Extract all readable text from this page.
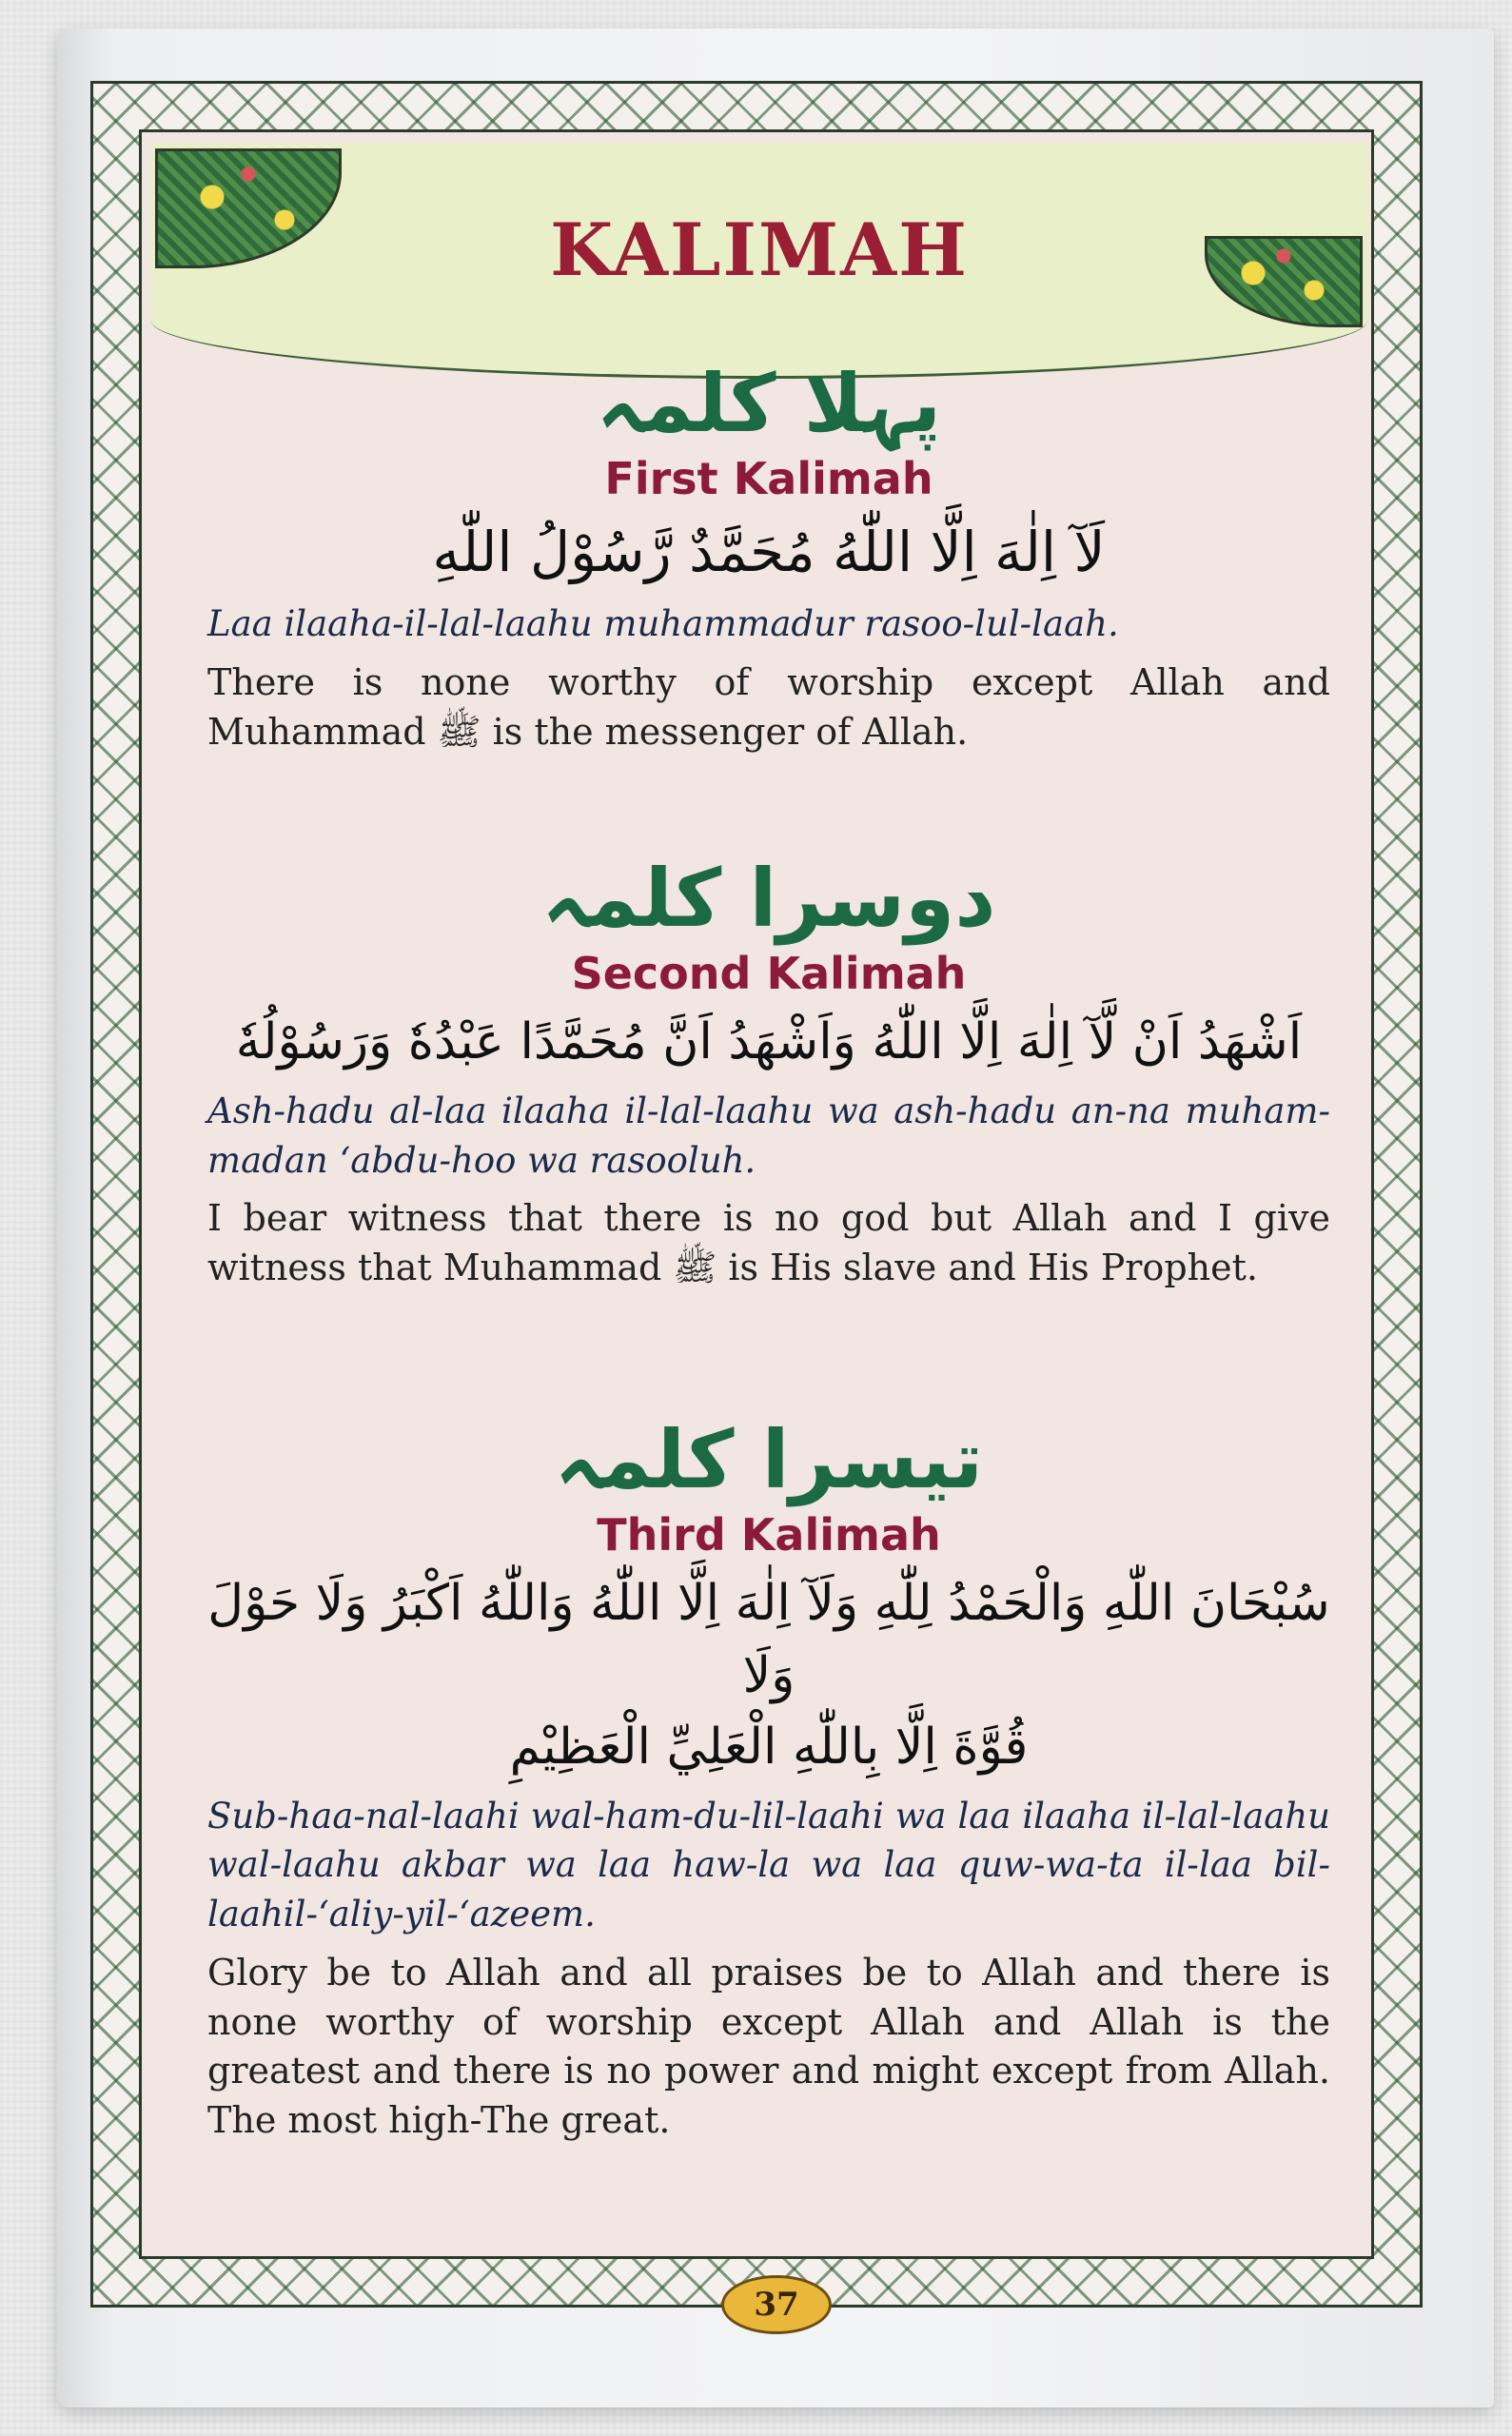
KALIMAH

پہلا کلمہ

First Kalimah

لَآ اِلٰهَ اِلَّا اللّٰهُ مُحَمَّدٌ رَّسُوْلُ اللّٰهِ

Laa ilaaha-il-lal-laahu muhammadur rasoo-lul-laah.

There is none worthy of worship except Allah and Muhammad ﷺ is the messenger of Allah.

دوسرا کلمہ

Second Kalimah

اَشْهَدُ اَنْ لَّآ اِلٰهَ اِلَّا اللّٰهُ وَاَشْهَدُ اَنَّ مُحَمَّدًا عَبْدُهٗ وَرَسُوْلُهٗ

Ash-hadu al-laa ilaaha il-lal-laahu wa ash-hadu an-na muham-madan ‘abdu-hoo wa rasooluh.

I bear witness that there is no god but Allah and I give witness that Muhammad ﷺ is His slave and His Prophet.

تیسرا کلمہ

Third Kalimah

سُبْحَانَ اللّٰهِ وَالْحَمْدُ لِلّٰهِ وَلَآ اِلٰهَ اِلَّا اللّٰهُ وَاللّٰهُ اَكْبَرُ وَلَا حَوْلَ وَلَا

قُوَّةَ اِلَّا بِاللّٰهِ الْعَلِيِّ الْعَظِيْمِ

Sub-haa-nal-laahi wal-ham-du-lil-laahi wa laa ilaaha il-lal-laahu wal-laahu akbar wa laa haw-la wa laa quw-wa-ta il-laa bil-laahil-‘aliy-yil-‘azeem.

Glory be to Allah and all praises be to Allah and there is none worthy of worship except Allah and Allah is the greatest and there is no power and might except from Allah. The most high-The great.

37
